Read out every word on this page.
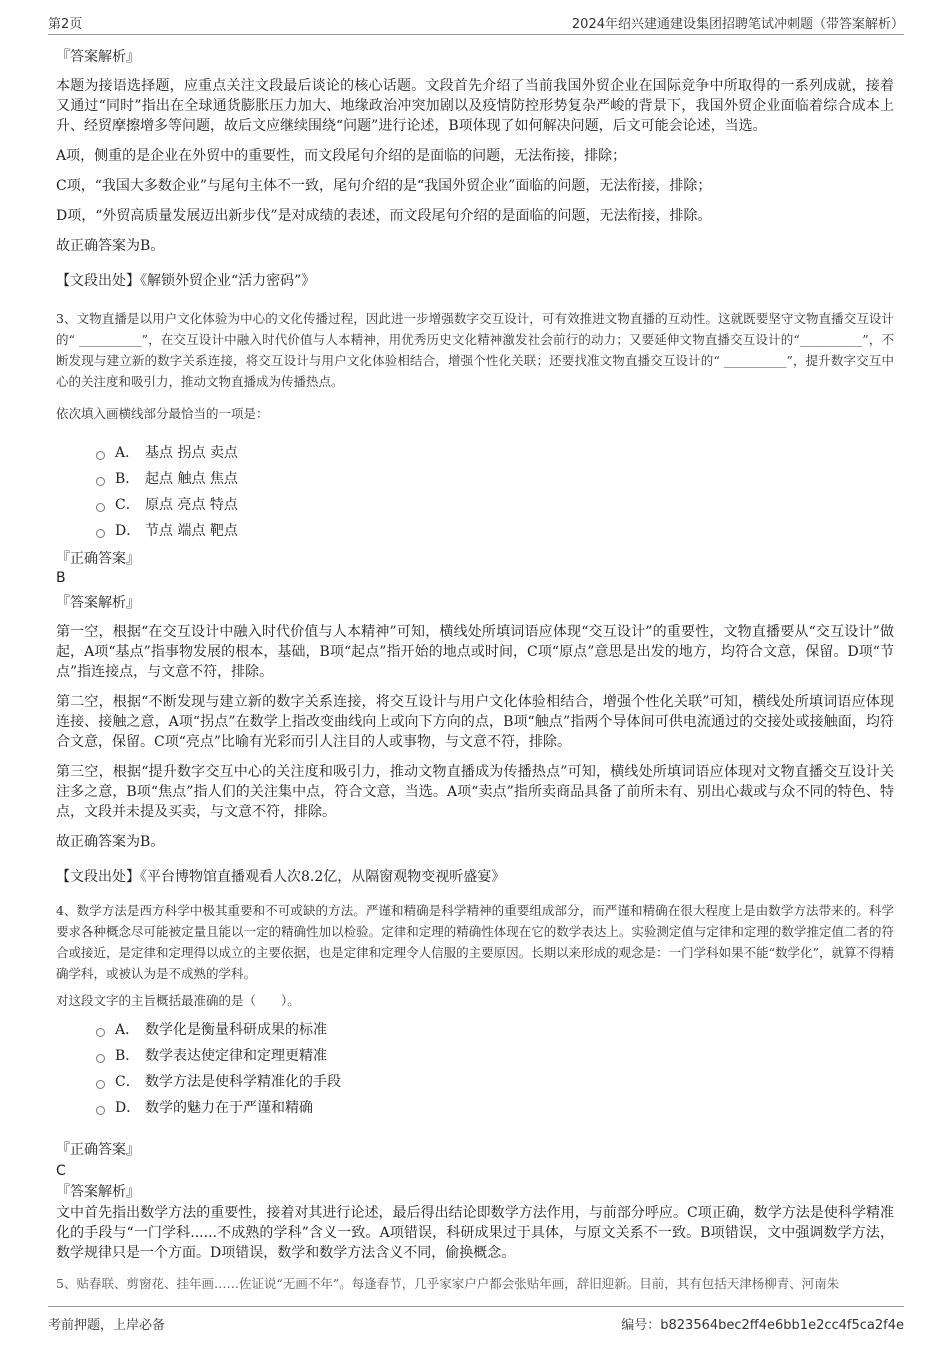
第2页	2024年绍兴建通建设集团招聘笔试冲刺题（带答案解析）
『答案解析』

本题为接语选择题，应重点关注文段最后谈论的核心话题。文段首先介绍了当前我国外贸企业在国际竞争中所取得的一系列成就，接着又通过“同时”指出在全球通货膨胀压力加大、地缘政治冲突加剧以及疫情防控形势复杂严峻的背景下，我国外贸企业面临着综合成本上升、经贸摩擦增多等问题，故后文应继续围绕“问题”进行论述，B项体现了如何解决问题，后文可能会论述，当选。

A项，侧重的是企业在外贸中的重要性，而文段尾句介绍的是面临的问题，无法衔接，排除；

C项，“我国大多数企业”与尾句主体不一致，尾句介绍的是“我国外贸企业”面临的问题，无法衔接，排除；

D项，“外贸高质量发展迈出新步伐”是对成绩的表述，而文段尾句介绍的是面临的问题，无法衔接，排除。

故正确答案为B。

【文段出处】《解锁外贸企业“活力密码”》
3、文物直播是以用户文化体验为中心的文化传播过程，因此进一步增强数字交互设计，可有效推进文物直播的互动性。这就既要坚守文物直播交互设计的“ __________”，在交互设计中融入时代价值与人本精神，用优秀历史文化精神激发社会前行的动力；又要延伸文物直播交互设计的“__________”，不断发现与建立新的数字关系连接，将交互设计与用户文化体验相结合，增强个性化关联；还要找准文物直播交互设计的“ __________”，提升数字交互中心的关注度和吸引力，推动文物直播成为传播热点。
依次填入画横线部分最恰当的一项是：
A． 基点 拐点 卖点
B． 起点 触点 焦点
C． 原点 亮点 特点
D． 节点 端点 靶点
『正确答案』
B
『答案解析』

第一空，根据“在交互设计中融入时代价值与人本精神”可知，横线处所填词语应体现“交互设计”的重要性，文物直播要从“交互设计”做起，A项“基点”指事物发展的根本，基础，B项“起点”指开始的地点或时间，C项“原点”意思是出发的地方，均符合文意，保留。D项“节点”指连接点，与文意不符，排除。

第二空，根据“不断发现与建立新的数字关系连接，将交互设计与用户文化体验相结合，增强个性化关联”可知，横线处所填词语应体现连接、接触之意，A项“拐点”在数学上指改变曲线向上或向下方向的点，B项“触点”指两个导体间可供电流通过的交接处或接触面，均符合文意，保留。C项“亮点”比喻有光彩而引人注目的人或事物，与文意不符，排除。

第三空，根据“提升数字交互中心的关注度和吸引力，推动文物直播成为传播热点”可知，横线处所填词语应体现对文物直播交互设计关注多之意，B项“焦点”指人们的关注集中点，符合文意，当选。A项“卖点”指所卖商品具备了前所未有、别出心裁或与众不同的特色、特点，文段并未提及买卖，与文意不符，排除。

故正确答案为B。

【文段出处】《平台博物馆直播观看人次8.2亿，从隔窗观物变视听盛宴》
4、数学方法是西方科学中极其重要和不可或缺的方法。严谨和精确是科学精神的重要组成部分，而严谨和精确在很大程度上是由数学方法带来的。科学要求各种概念尽可能被定量且能以一定的精确性加以检验。定律和定理的精确性体现在它的数学表达上。实验测定值与定律和定理的数学推定值二者的符合或接近，是定律和定理得以成立的主要依据，也是定律和定理令人信服的主要原因。长期以来形成的观念是：一门学科如果不能“数学化”，就算不得精确学科，或被认为是不成熟的学科。
对这段文字的主旨概括最准确的是（　　）。
A． 数学化是衡量科研成果的标准
B． 数学表达使定律和定理更精准
C． 数学方法是使科学精准化的手段
D． 数学的魅力在于严谨和精确
『正确答案』
C
『答案解析』

文中首先指出数学方法的重要性，接着对其进行论述，最后得出结论即数学方法作用，与前部分呼应。C项正确，数学方法是使科学精准化的手段与“一门学科......不成熟的学科”含义一致。A项错误，科研成果过于具体，与原文关系不一致。B项错误，文中强调数学方法，数学规律只是一个方面。D项错误，数学和数学方法含义不同，偷换概念。

5、贴春联、剪窗花、挂年画……佐证说“无画不年”。每逢春节，几乎家家户户都会张贴年画，辞旧迎新。目前，其有包括天津杨柳青、河南朱
考前押题，上岸必备	编号：b823564bec2ff4e6bb1e2cc4f5ca2f4e
